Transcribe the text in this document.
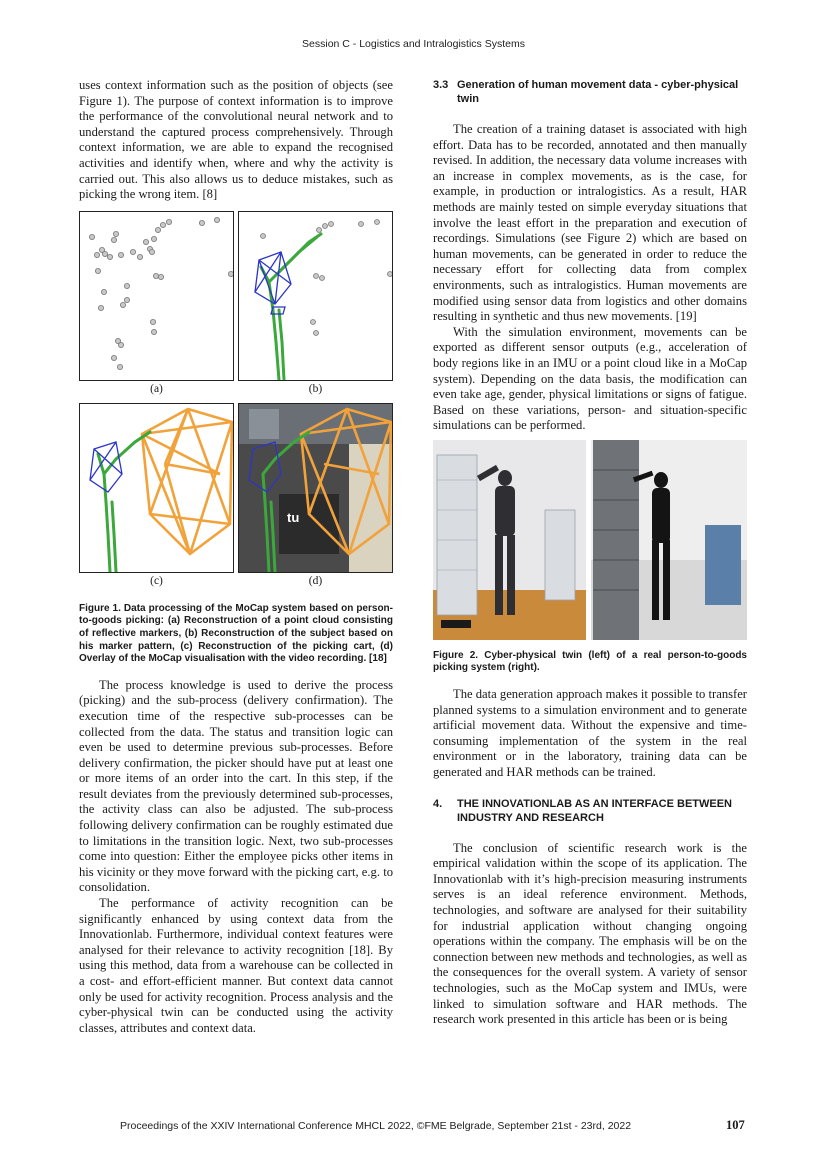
Session C - Logistics and Intralogistics Systems

uses context information such as the position of objects (see Figure 1). The purpose of context information is to improve the performance of the convolutional neural network and to understand the captured process comprehensively. Through context information, we are able to expand the recognised activities and identify when, where and why the activity is carried out. This also allows us to deduce mistakes, such as picking the wrong item. [8]

(a)	(b)
(c)
tu
(d)

Figure 1. Data processing of the MoCap system based on person-to-goods picking: (a) Reconstruction of a point cloud consisting of reflective markers, (b) Reconstruction of the subject based on his marker pattern, (c) Reconstruction of the picking cart, (d) Overlay of the MoCap visualisation with the video recording. [18]

The process knowledge is used to derive the process (picking) and the sub-process (delivery confirmation). The execution time of the respective sub-processes can be collected from the data. The status and transition logic can even be used to determine previous sub-processes. Before delivery confirmation, the picker should have put at least one or more items of an order into the cart. In this step, if the result deviates from the previously determined sub-processes, the activity class can also be adjusted. The sub-process following delivery confirmation can be roughly estimated due to limitations in the transition logic. Next, two sub-processes come into question: Either the employee picks other items in his vicinity or they move forward with the picking cart, e.g. to consolidation.

The performance of activity recognition can be significantly enhanced by using context data from the Innovationlab. Furthermore, individual context features were analysed for their relevance to activity recognition [18]. By using this method, data from a warehouse can be collected in a cost- and effort-efficient manner. But context data cannot only be used for activity recognition. Process analysis and the cyber-physical twin can be conducted using the activity classes, attributes and context data.

3.3 Generation of human movement data - cyber-physical twin

The creation of a training dataset is associated with high effort. Data has to be recorded, annotated and then manually revised. In addition, the necessary data volume increases with an increase in complex movements, as is the case, for example, in production or intralogistics. As a result, HAR methods are mainly tested on simple everyday situations that involve the least effort in the preparation and execution of recordings. Simulations (see Figure 2) which are based on human movements, can be generated in order to reduce the necessary effort for collecting data from complex environments, such as intralogistics. Human movements are modified using sensor data from logistics and other domains resulting in synthetic and thus new movements. [19]

With the simulation environment, movements can be exported as different sensor outputs (e.g., acceleration of body regions like in an IMU or a point cloud like in a MoCap system). Depending on the data basis, the modification can even take age, gender, physical limitations or signs of fatigue. Based on these variations, person- and situation-specific simulations can be performed.

Figure 2. Cyber-physical twin (left) of a real person-to-goods picking system (right).

The data generation approach makes it possible to transfer planned systems to a simulation environment and to generate artificial movement data. Without the expensive and time-consuming implementation of the system in the real environment or in the laboratory, training data can be generated and HAR methods can be trained.

4.	THE INNOVATIONLAB AS AN INTERFACE BETWEEN INDUSTRY AND RESEARCH

The conclusion of scientific research work is the empirical validation within the scope of its application. The Innovationlab with it’s high-precision measuring instruments serves is an ideal reference environment. Methods, technologies, and software are analysed for their suitability for industrial application without changing ongoing operations within the company. The emphasis will be on the connection between new methods and technologies, as well as the consequences for the overall system. A variety of sensor technologies, such as the MoCap system and IMUs, were linked to simulation software and HAR methods. The research work presented in this article has been or is being

Proceedings of the XXIV International Conference MHCL 2022, ©FME Belgrade, September 21st - 23rd, 2022	107
